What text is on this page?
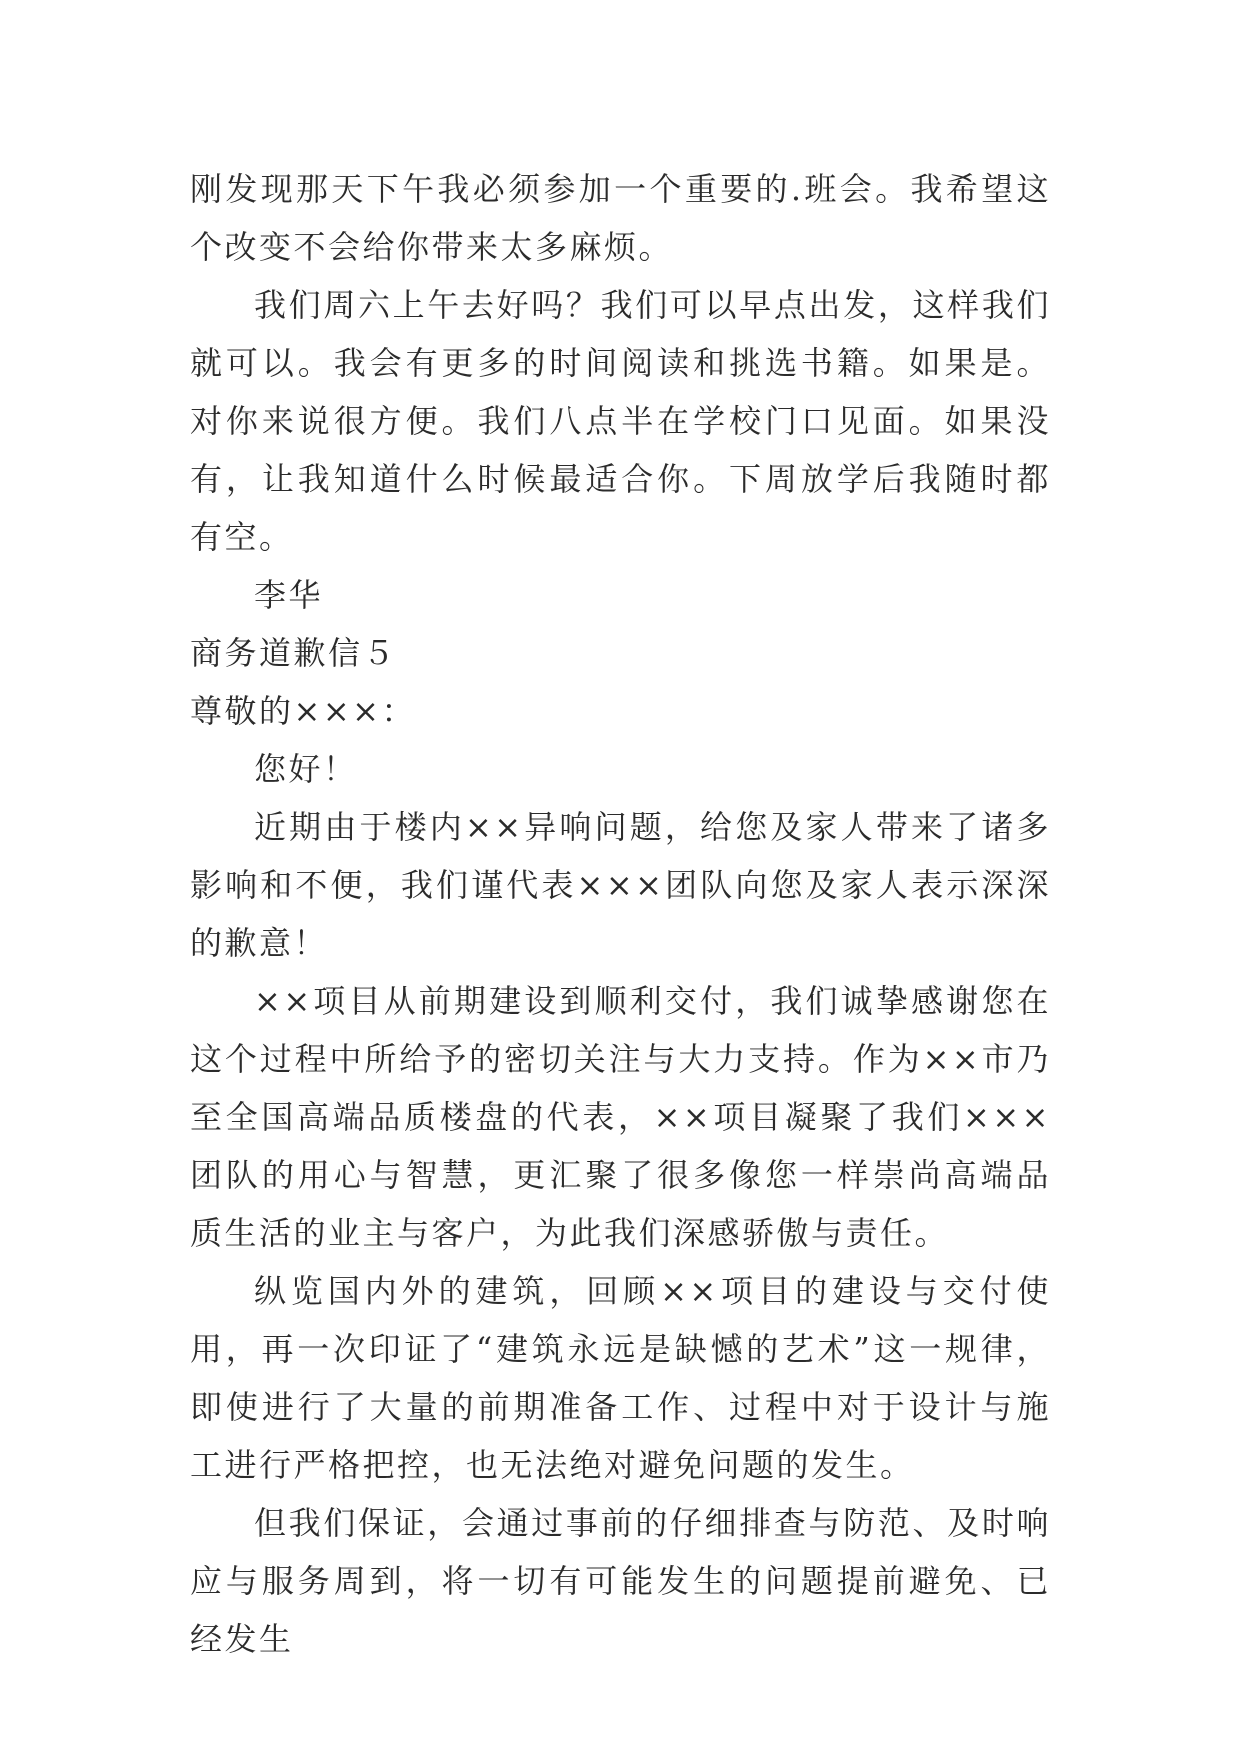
刚发现那天下午我必须参加一个重要的.班会。我希望这个改变不会给你带来太多麻烦。

我们周六上午去好吗？我们可以早点出发，这样我们就可以。我会有更多的时间阅读和挑选书籍。如果是。对你来说很方便。我们八点半在学校门口见面。如果没有，让我知道什么时候最适合你。下周放学后我随时都有空。

李华

商务道歉信５

尊敬的×××：

您好！

近期由于楼内××异响问题，给您及家人带来了诸多影响和不便，我们谨代表×××团队向您及家人表示深深的歉意！

××项目从前期建设到顺利交付，我们诚挚感谢您在这个过程中所给予的密切关注与大力支持。作为××市乃至全国高端品质楼盘的代表，××项目凝聚了我们×××团队的用心与智慧，更汇聚了很多像您一样崇尚高端品质生活的业主与客户，为此我们深感骄傲与责任。

纵览国内外的建筑，回顾××项目的建设与交付使用，再一次印证了“建筑永远是缺憾的艺术”这一规律，即使进行了大量的前期准备工作、过程中对于设计与施工进行严格把控，也无法绝对避免问题的发生。

但我们保证，会通过事前的仔细排查与防范、及时响应与服务周到，将一切有可能发生的问题提前避免、已经发生
